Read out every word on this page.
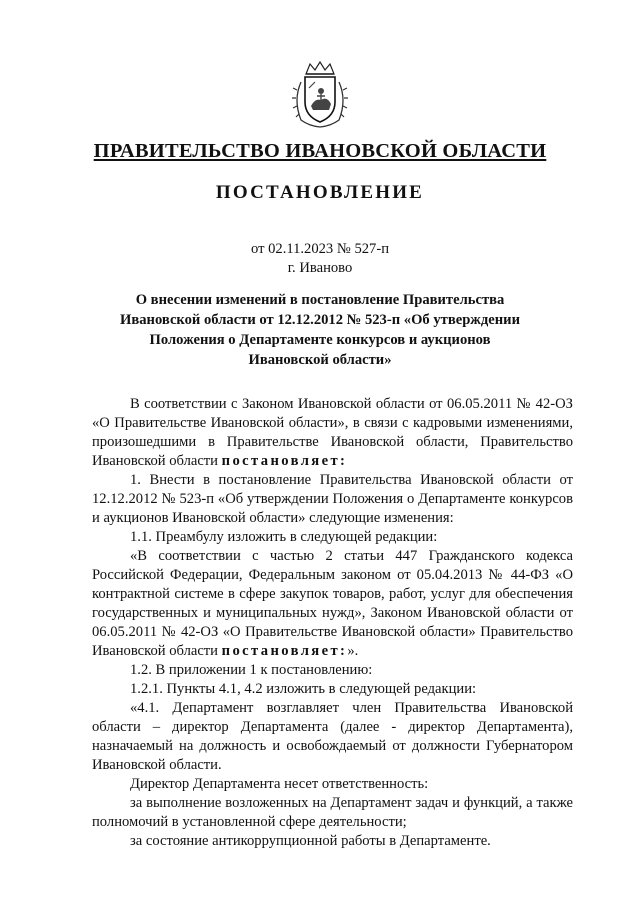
ПРАВИТЕЛЬСТВО ИВАНОВСКОЙ ОБЛАСТИ
ПОСТАНОВЛЕНИЕ
от 02.11.2023 № 527-п
г. Иваново
О внесении изменений в постановление Правительства
Ивановской области от 12.12.2012 № 523-п «Об утверждении
Положения о Департаменте конкурсов и аукционов
Ивановской области»

В соответствии с Законом Ивановской области от 06.05.2011 № 42-ОЗ «О Правительстве Ивановской области», в связи с кадровыми изменениями, произошедшими в Правительстве Ивановской области, Правительство Ивановской области постановляет:

1. Внести в постановление Правительства Ивановской области от 12.12.2012 № 523-п «Об утверждении Положения о Департаменте конкурсов и аукционов Ивановской области» следующие изменения:

1.1. Преамбулу изложить в следующей редакции:

«В соответствии с частью 2 статьи 447 Гражданского кодекса Российской Федерации, Федеральным законом от 05.04.2013 № 44-ФЗ «О контрактной системе в сфере закупок товаров, работ, услуг для обеспечения государственных и муниципальных нужд», Законом Ивановской области от 06.05.2011 № 42-ОЗ «О Правительстве Ивановской области» Правительство Ивановской области постановляет:».

1.2. В приложении 1 к постановлению:

1.2.1. Пункты 4.1, 4.2 изложить в следующей редакции:

«4.1. Департамент возглавляет член Правительства Ивановской области – директор Департамента (далее - директор Департамента), назначаемый на должность и освобождаемый от должности Губернатором Ивановской области.

Директор Департамента несет ответственность:

за выполнение возложенных на Департамент задач и функций, а также полномочий в установленной сфере деятельности;

за состояние антикоррупционной работы в Департаменте.
